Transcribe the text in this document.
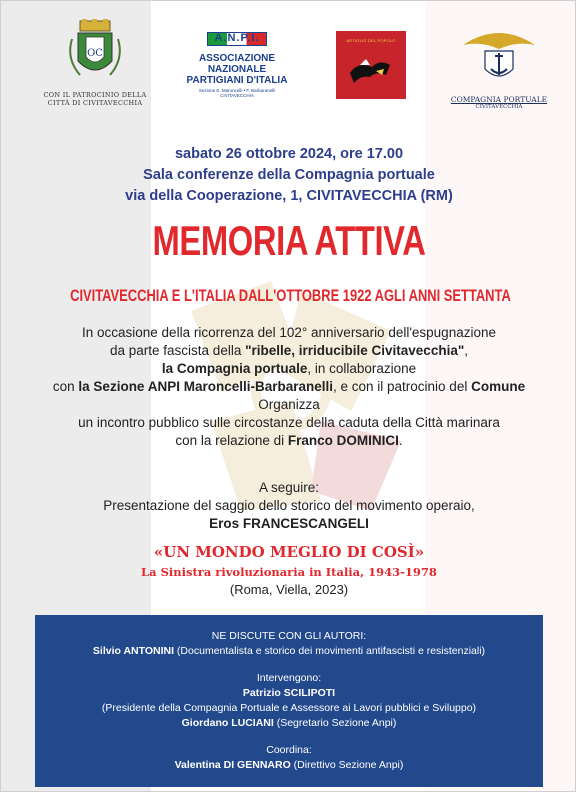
OC
CON IL PATROCINIO DELLA
CITTÀ DI CIVITAVECCHIA
A.N.P.I.
ASSOCIAZIONE NAZIONALE
PARTIGIANI D'ITALIA
Sezione E. Maroncelli • F. Barbaranelli
CIVITAVECCHIA
ARTIGLIO DEL POPOLO
COMPAGNIA PORTUALE
CIVITAVECCHIA
sabato 26 ottobre 2024, ore 17.00
Sala conferenze della Compagnia portuale
via della Cooperazione, 1, CIVITAVECCHIA (RM)
MEMORIA ATTIVA
CIVITAVECCHIA E L'ITALIA DALL'OTTOBRE 1922 AGLI ANNI SETTANTA
In occasione della ricorrenza del 102° anniversario dell'espugnazione
da parte fascista della "ribelle, irriducibile Civitavecchia",
la Compagnia portuale, in collaborazione
con la Sezione ANPI Maroncelli-Barbaranelli, e con il patrocinio del Comune
Organizza
un incontro pubblico sulle circostanze della caduta della Città marinara
con la relazione di Franco DOMINICI.
A seguire:
Presentazione del saggio dello storico del movimento operaio,
Eros FRANCESCANGELI
«UN MONDO MEGLIO DI COSÌ»
La Sinistra rivoluzionaria in Italia, 1943-1978
(Roma, Viella, 2023)
NE DISCUTE CON GLI AUTORI:
Silvio ANTONINI (Documentalista e storico dei movimenti antifascisti e resistenziali)
Intervengono:
Patrizio SCILIPOTI
(Presidente della Compagnia Portuale e Assessore ai Lavori pubblici e Sviluppo)
Giordano LUCIANI (Segretario Sezione Anpi)
Coordina:
Valentina DI GENNARO (Direttivo Sezione Anpi)
